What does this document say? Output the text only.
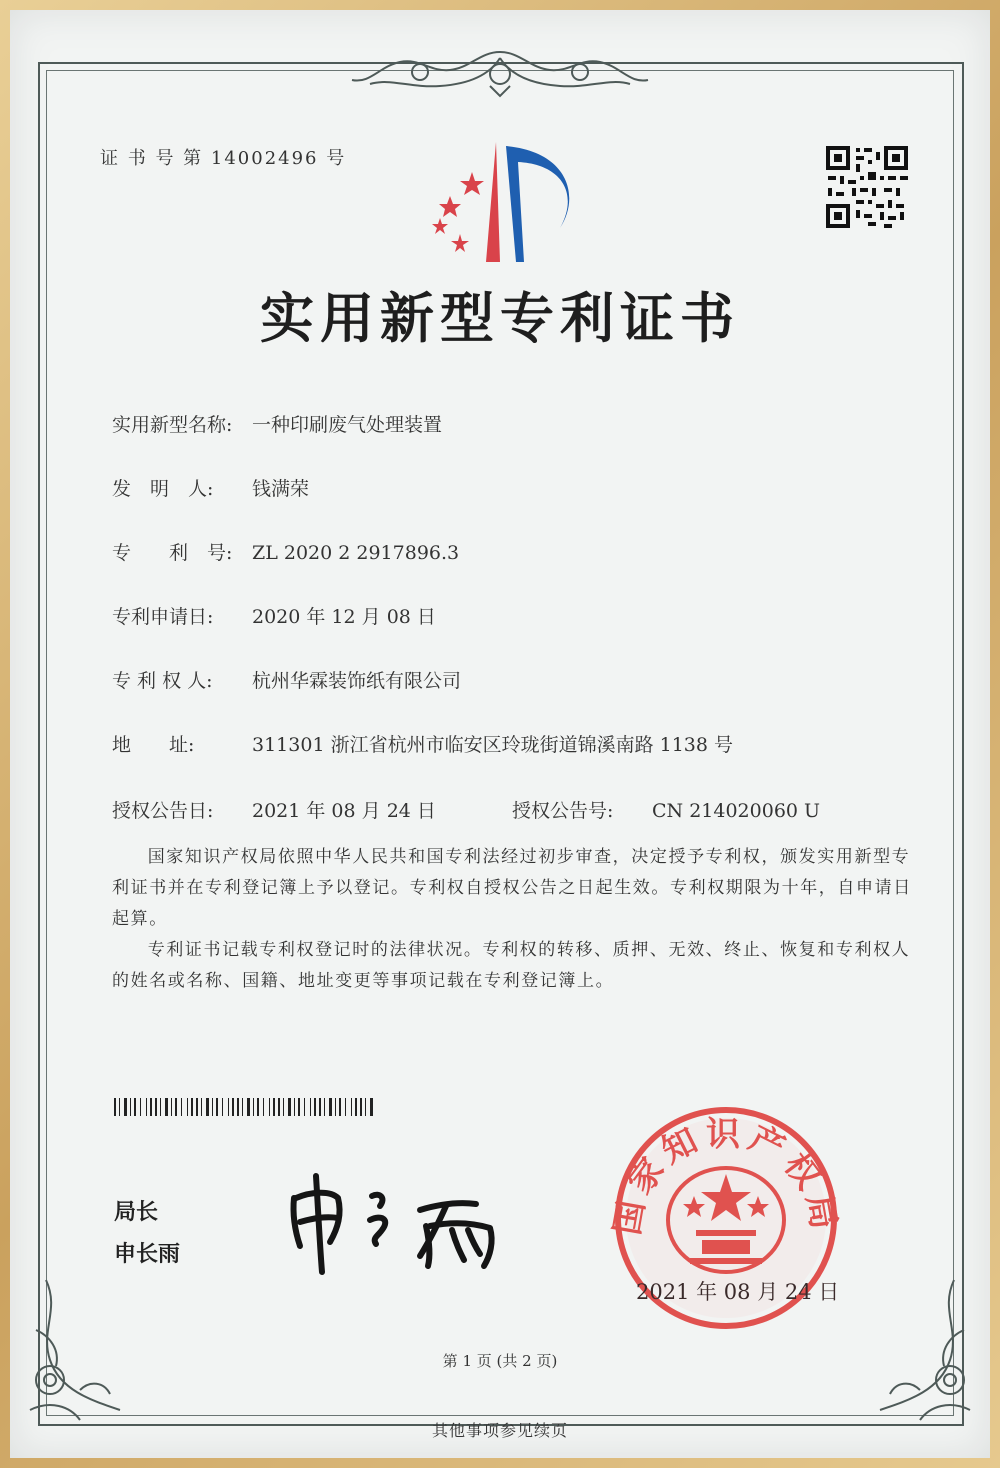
证 书 号 第 14002496 号
实用新型专利证书
实用新型名称: 一种印刷废气处理装置
发　明　人: 钱满荣
专　　利　号: ZL 2020 2 2917896.3
专利申请日: 2020 年 12 月 08 日
专 利 权 人: 杭州华霖装饰纸有限公司
地　　址:	311301 浙江省杭州市临安区玲珑街道锦溪南路 1138 号
授权公告日: 2021 年 08 月 24 日	授权公告号: CN 214020060 U

国家知识产权局依照中华人民共和国专利法经过初步审查，决定授予专利权，颁发实用新型专利证书并在专利登记簿上予以登记。专利权自授权公告之日起生效。专利权期限为十年，自申请日起算。

专利证书记载专利权登记时的法律状况。专利权的转移、质押、无效、终止、恢复和专利权人的姓名或名称、国籍、地址变更等事项记载在专利登记簿上。

局长
申长雨
国家知识产权局
2021 年 08 月 24 日
第 1 页 (共 2 页)
其他事项参见续页
